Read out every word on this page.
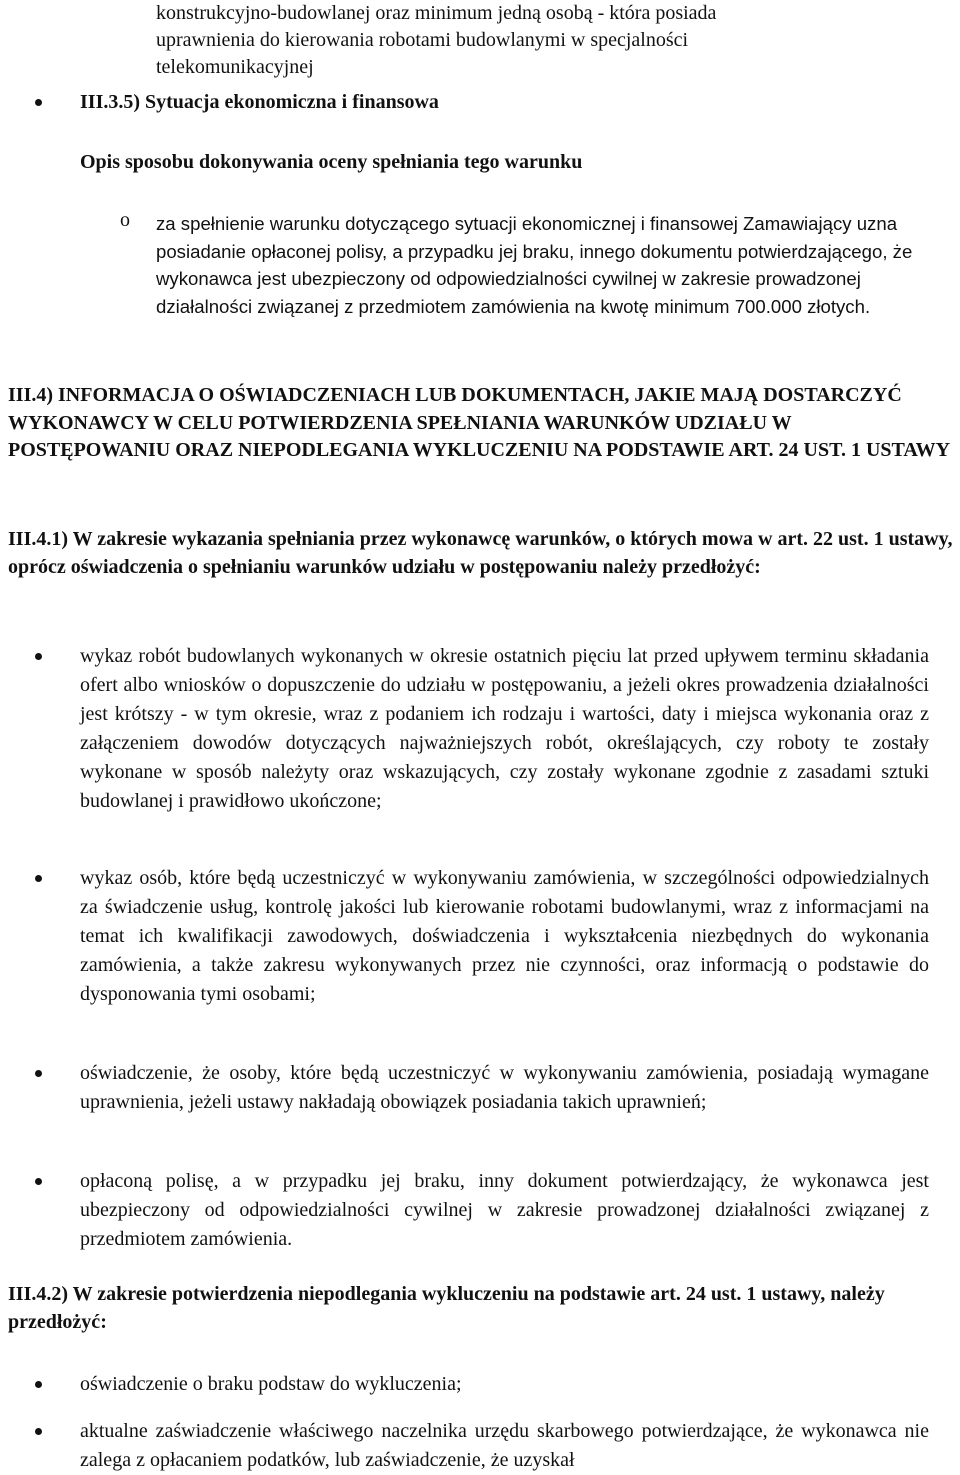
konstrukcyjno-budowlanej oraz minimum jedną osobą - która posiada
uprawnienia do kierowania robotami budowlanymi w specjalności
telekomunikacyjnej
III.3.5) Sytuacja ekonomiczna i finansowa
Opis sposobu dokonywania oceny spełniania tego warunku
o za spełnienie warunku dotyczącego sytuacji ekonomicznej i finansowej Zamawiający uzna posiadanie opłaconej polisy, a przypadku jej braku, innego dokumentu potwierdzającego, że wykonawca jest ubezpieczony od odpowiedzialności cywilnej w zakresie prowadzonej działalności związanej z przedmiotem zamówienia na kwotę minimum 700.000 złotych.
III.4) INFORMACJA O OŚWIADCZENIACH LUB DOKUMENTACH, JAKIE MAJĄ DOSTARCZYĆ WYKONAWCY W CELU POTWIERDZENIA SPEŁNIANIA WARUNKÓW UDZIAŁU W POSTĘPOWANIU ORAZ NIEPODLEGANIA WYKLUCZENIU NA PODSTAWIE ART. 24 UST. 1 USTAWY
III.4.1) W zakresie wykazania spełniania przez wykonawcę warunków, o których mowa w art. 22 ust. 1 ustawy, oprócz oświadczenia o spełnianiu warunków udziału w postępowaniu należy przedłożyć:
wykaz robót budowlanych wykonanych w okresie ostatnich pięciu lat przed upływem terminu składania ofert albo wniosków o dopuszczenie do udziału w postępowaniu, a jeżeli okres prowadzenia działalności jest krótszy - w tym okresie, wraz z podaniem ich rodzaju i wartości, daty i miejsca wykonania oraz z załączeniem dowodów dotyczących najważniejszych robót, określających, czy roboty te zostały wykonane w sposób należyty oraz wskazujących, czy zostały wykonane zgodnie z zasadami sztuki budowlanej i prawidłowo ukończone;
wykaz osób, które będą uczestniczyć w wykonywaniu zamówienia, w szczególności odpowiedzialnych za świadczenie usług, kontrolę jakości lub kierowanie robotami budowlanymi, wraz z informacjami na temat ich kwalifikacji zawodowych, doświadczenia i wykształcenia niezbędnych do wykonania zamówienia, a także zakresu wykonywanych przez nie czynności, oraz informacją o podstawie do dysponowania tymi osobami;
oświadczenie, że osoby, które będą uczestniczyć w wykonywaniu zamówienia, posiadają wymagane uprawnienia, jeżeli ustawy nakładają obowiązek posiadania takich uprawnień;
opłaconą polisę, a w przypadku jej braku, inny dokument potwierdzający, że wykonawca jest ubezpieczony od odpowiedzialności cywilnej w zakresie prowadzonej działalności związanej z przedmiotem zamówienia.
III.4.2) W zakresie potwierdzenia niepodlegania wykluczeniu na podstawie art. 24 ust. 1 ustawy, należy przedłożyć:
oświadczenie o braku podstaw do wykluczenia;
aktualne zaświadczenie właściwego naczelnika urzędu skarbowego potwierdzające, że wykonawca nie zalega z opłacaniem podatków, lub zaświadczenie, że uzyskał
